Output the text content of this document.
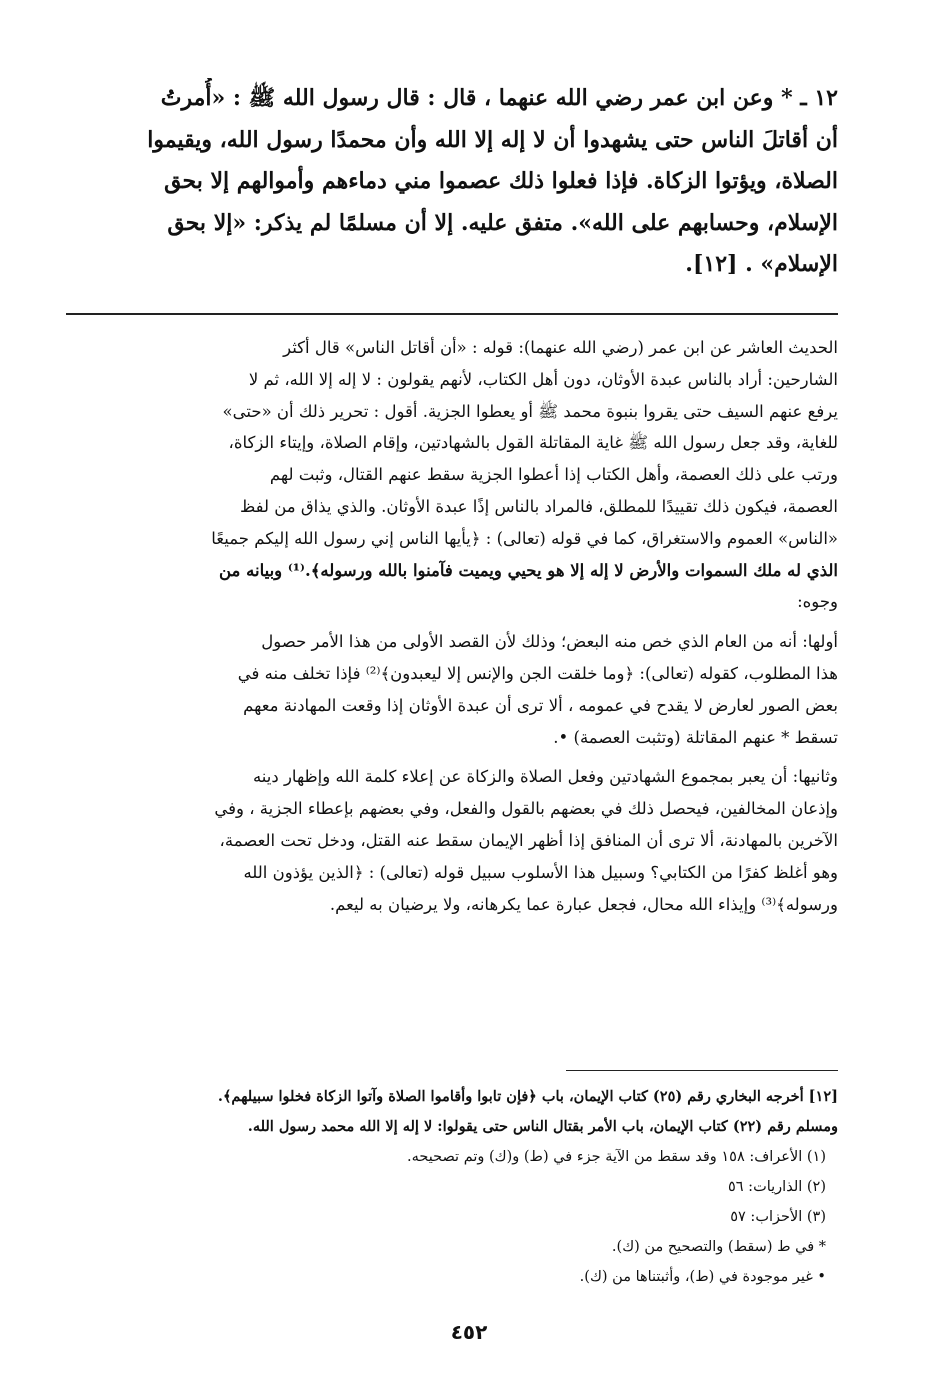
١٢ ـ * وعن ابن عمر رضي الله عنهما ، قال : قال رسول الله ﷺ : «أُمرتُ
أن أقاتلَ الناس حتى يشهدوا أن لا إله إلا الله وأن محمدًا رسول الله، ويقيموا
الصلاة، ويؤتوا الزكاة. فإذا فعلوا ذلك عصموا مني دماءهم وأموالهم إلا بحق
الإسلام، وحسابهم على الله». متفق عليه. إلا أن مسلمًا لم يذكر: «إلا بحق
الإسلام» . [١٢].
الحديث العاشر عن ابن عمر (رضي الله عنهما): قوله : «أن أقاتل الناس» قال أكثر
الشارحين: أراد بالناس عبدة الأوثان، دون أهل الكتاب، لأنهم يقولون : لا إله إلا الله، ثم لا
يرفع عنهم السيف حتى يقروا بنبوة محمد ﷺ أو يعطوا الجزية. أقول : تحرير ذلك أن «حتى»
للغاية، وقد جعل رسول الله ﷺ غاية المقاتلة القول بالشهادتين، وإقام الصلاة، وإيتاء الزكاة،
ورتب على ذلك العصمة، وأهل الكتاب إذا أعطوا الجزية سقط عنهم القتال، وثبت لهم
العصمة، فيكون ذلك تقييدًا للمطلق، فالمراد بالناس إذًا عبدة الأوثان. والذي يذاق من لفظ
«الناس» العموم والاستغراق، كما في قوله (تعالى) : ﴿يأيها الناس إني رسول الله إليكم جميعًا
الذي له ملك السموات والأرض لا إله إلا هو يحيي ويميت فآمنوا بالله ورسوله﴾.⁽¹⁾ وبيانه من
وجوه:
أولها: أنه من العام الذي خص منه البعض؛ وذلك لأن القصد الأولى من هذا الأمر حصول
هذا المطلوب، كقوله (تعالى): ﴿وما خلقت الجن والإنس إلا ليعبدون﴾⁽²⁾ فإذا تخلف منه في
بعض الصور لعارض لا يقدح في عمومه ، ألا ترى أن عبدة الأوثان إذا وقعت المهادنة معهم
تسقط * عنهم المقاتلة (وتثبت العصمة) •.
وثانيها: أن يعبر بمجموع الشهادتين وفعل الصلاة والزكاة عن إعلاء كلمة الله وإظهار دينه
وإذعان المخالفين، فيحصل ذلك في بعضهم بالقول والفعل، وفي بعضهم بإعطاء الجزية ، وفي
الآخرين بالمهادنة، ألا ترى أن المنافق إذا أظهر الإيمان سقط عنه القتل، ودخل تحت العصمة،
وهو أغلظ كفرًا من الكتابي؟ وسبيل هذا الأسلوب سبيل قوله (تعالى) : ﴿الذين يؤذون الله
ورسوله﴾⁽³⁾ وإيذاء الله محال، فجعل عبارة عما يكرهانه، ولا يرضيان به ليعم.
[١٢] أخرجه البخاري رقم (٢٥) كتاب الإيمان، باب ﴿فإن تابوا وأقاموا الصلاة وآتوا الزكاة فخلوا سبيلهم﴾.
ومسلم رقم (٢٢) كتاب الإيمان، باب الأمر بقتال الناس حتى يقولوا: لا إله إلا الله محمد رسول الله.
(١) الأعراف: ١٥٨ وقد سقط من الآية جزء في (ط) و(ك) وتم تصحيحه.
(٢) الذاريات: ٥٦
(٣) الأحزاب: ٥٧
* في ط (سقط) والتصحيح من (ك).
• غير موجودة في (ط)، وأثبتناها من (ك).
٤٥٢
